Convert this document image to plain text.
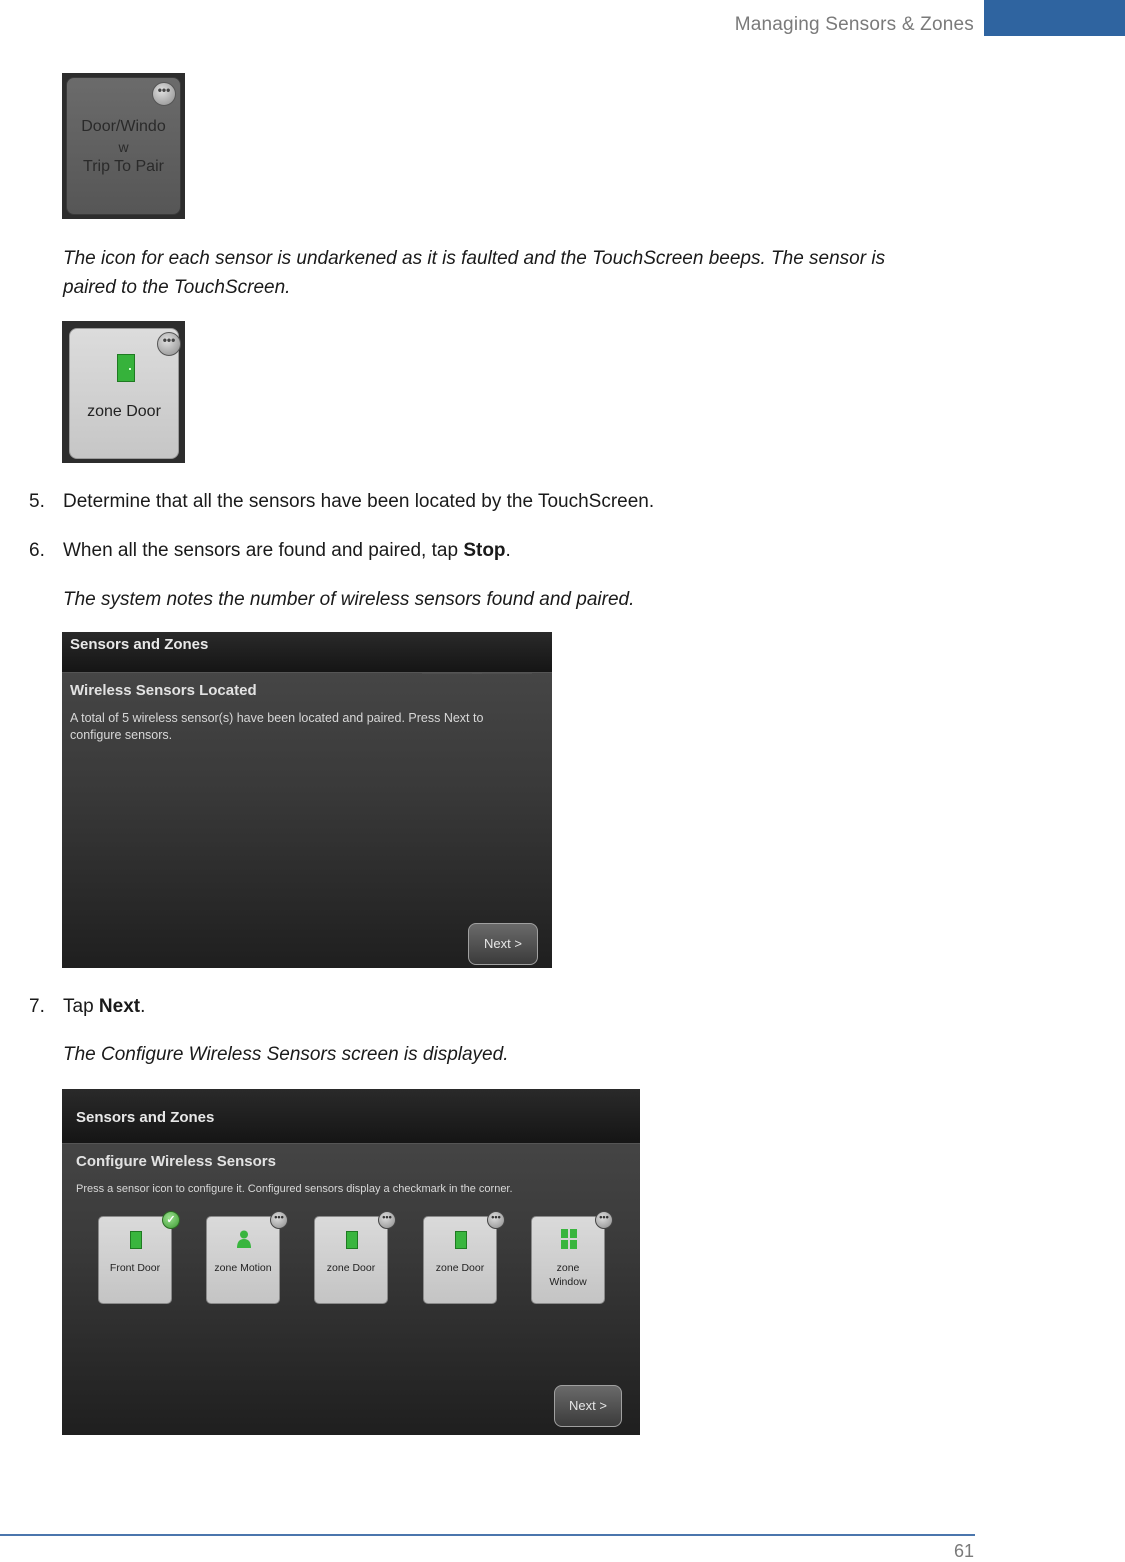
Managing Sensors & Zones
Door/Windo
w
Trip To Pair
•••
The icon for each sensor is undarkened as it is faulted and the TouchScreen beeps. The sensor is
paired to the TouchScreen.
zone Door
•••
5. Determine that all the sensors have been located by the TouchScreen.
6. When all the sensors are found and paired, tap Stop.
The system notes the number of wireless sensors found and paired.
Sensors and Zones
Wireless Sensors Located
A total of 5 wireless sensor(s) have been located and paired. Press Next to
configure sensors.
Next >
7. Tap Next.
The Configure Wireless Sensors screen is displayed.
Sensors and Zones
Configure Wireless Sensors
Press a sensor icon to configure it. Configured sensors display a checkmark in the corner.
Front Door
✓
zone Motion
•••
zone Door
•••
zone Door
•••
zone
Window
•••
Next >
61
